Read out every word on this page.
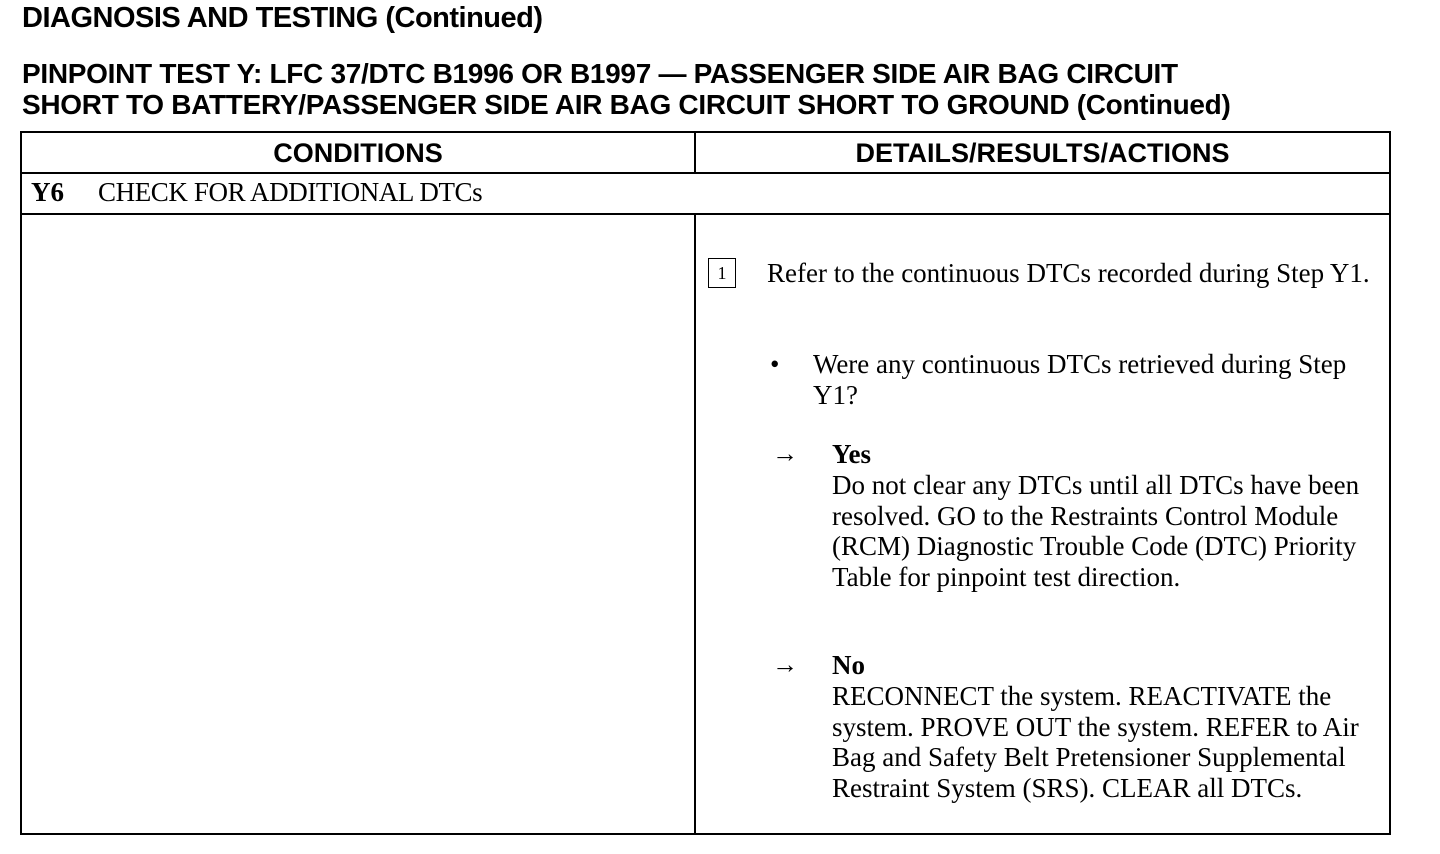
DIAGNOSIS AND TESTING (Continued)
PINPOINT TEST Y: LFC 37/DTC B1996 OR B1997 — PASSENGER SIDE AIR BAG CIRCUIT
SHORT TO BATTERY/PASSENGER SIDE AIR BAG CIRCUIT SHORT TO GROUND (Continued)
CONDITIONS	DETAILS/RESULTS/ACTIONS
Y6 CHECK FOR ADDITIONAL DTCs
1	Refer to the continuous DTCs recorded during Step Y1.
• Were any continuous DTCs retrieved during Step Y1?
→ Yes
Do not clear any DTCs until all DTCs have been resolved. GO to the Restraints Control Module (RCM) Diagnostic Trouble Code (DTC) Priority Table for pinpoint test direction.
→ No
RECONNECT the system. REACTIVATE the system. PROVE OUT the system. REFER to Air Bag and Safety Belt Pretensioner Supplemental Restraint System (SRS). CLEAR all DTCs.
